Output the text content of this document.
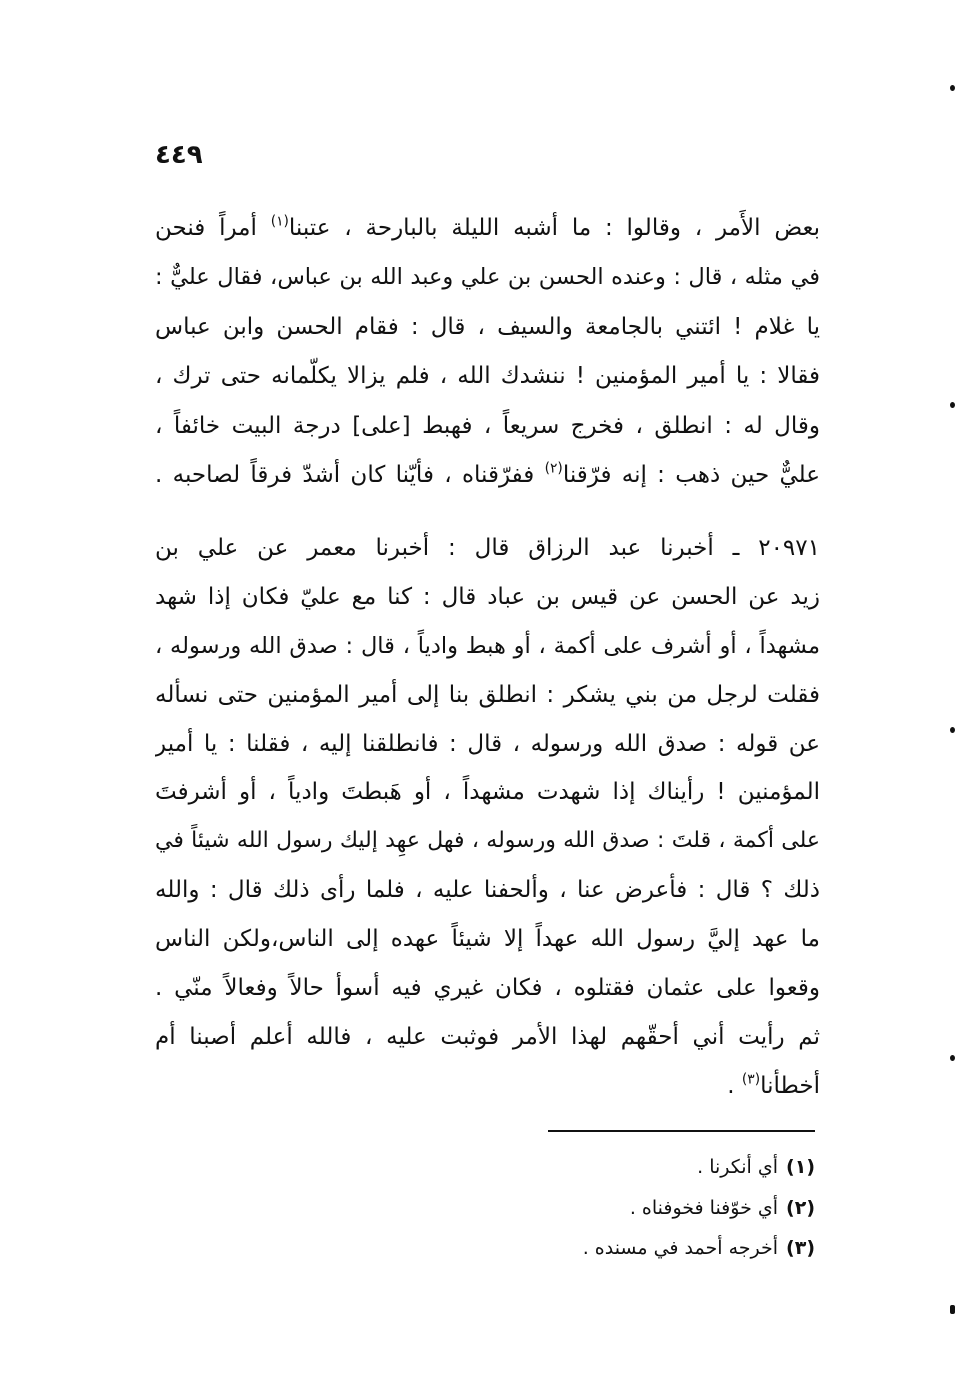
٤٤٩
بعض الأَمر ، وقالوا : ما أشبه الليلة بالبارحة ، عتبنا$^{(١)}$ أمراً فنحن
في مثله ، قال : وعنده الحسن بن علي وعبد الله بن عباس، فقال عليٌّ :
يا غلام ! ائتني بالجامعة والسيف ، قال : فقام الحسن وابن عباس
فقالا : يا أمير المؤمنين ! ننشدك الله ، فلم يزالا يكلّمانه حتى ترك ،
وقال له : انطلق ، فخرج سريعاً ، فهبط [على] درجة البيت خائفاً ،
عليٌّ حين ذهب : إنه فرّقنا$^{(٢)}$ ففرّقناه ، فأيّنا كان أشدّ فرقاً لصاحبه .
٢٠٩٧١ ـ أخبرنا عبد الرزاق قال : أخبرنا معمر عن علي بن
زيد عن الحسن عن قيس بن عباد قال : كنا مع عليّ فكان إذا شهد
مشهداً ، أو أشرف على أكمة ، أو هبط وادياً ، قال : صدق الله ورسوله ،
فقلت لرجل من بني يشكر : انطلق بنا إلى أمير المؤمنين حتى نسأله
عن قوله : صدق الله ورسوله ، قال : فانطلقنا إليه ، فقلنا : يا أمير
المؤمنين ! رأيناك إذا شهدت مشهداً ، أو هَبطتَ وادياً ، أو أشرفتَ
على أكمة ، قلتَ : صدق الله ورسوله ، فهل عهِد إليك رسول الله شيئاً في
ذلك ؟ قال : فأعرض عنا ، وألحفنا عليه ، فلما رأى ذلك قال : والله
ما عهد إليَّ رسول الله عهداً إلا شيئاً عهده إلى الناس،ولكن الناس
وقعوا على عثمان فقتلوه ، فكان غيري فيه أسوأ حالاً وفعالاً منّي .
ثم رأيت أني أحقّهم لهذا الأمر فوثبت عليه ، فالله أعلم أصبنا أم
أخطأنا$^{(٣)}$ .
(١)أي أنكرنا .
(٢)أي خوّفنا فخوفناه .
(٣)أخرجه أحمد في مسنده .
